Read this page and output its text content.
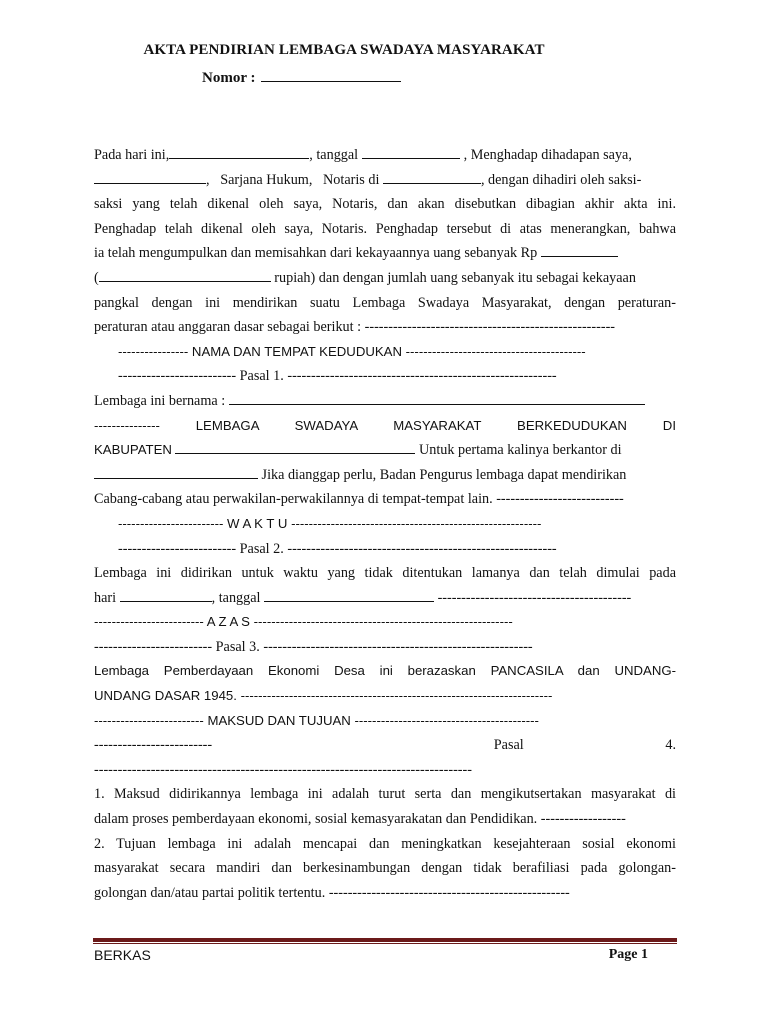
AKTA PENDIRIAN LEMBAGA SWADAYA MASYARAKAT
Nomor :
Pada hari ini,	, tanggal	, Menghadap dihadapan saya,
, Sarjana Hukum, Notaris di	, dengan dihadiri oleh saksi-
saksi yang telah dikenal oleh saya, Notaris, dan akan disebutkan dibagian akhir akta ini.
Penghadap telah dikenal oleh saya, Notaris. Penghadap tersebut di atas menerangkan, bahwa
ia telah mengumpulkan dan memisahkan dari kekayaannya uang sebanyak Rp
(	rupiah) dan dengan jumlah uang sebanyak itu sebagai kekayaan
pangkal dengan ini mendirikan suatu Lembaga Swadaya Masyarakat, dengan peraturan-
peraturan atau anggaran dasar sebagai berikut : -----------------------------------------------------
---------------- NAMA DAN TEMPAT KEDUDUKAN -----------------------------------------
------------------------- Pasal 1. ---------------------------------------------------------
Lembaga ini bernama :
--------------- LEMBAGA SWADAYA MASYARAKAT BERKEDUDUKAN DI
KABUPATEN	Untuk pertama kalinya berkantor di
Jika dianggap perlu, Badan Pengurus lembaga dapat mendirikan
Cabang-cabang atau perwakilan-perwakilannya di tempat-tempat lain. ---------------------------
------------------------ W A K T U ---------------------------------------------------------
------------------------- Pasal 2. ---------------------------------------------------------
Lembaga ini didirikan untuk waktu yang tidak ditentukan lamanya dan telah dimulai pada
hari	, tanggal	-----------------------------------------
------------------------- A Z A S -----------------------------------------------------------
------------------------- Pasal 3. ---------------------------------------------------------
Lembaga Pemberdayaan Ekonomi Desa ini berazaskan PANCASILA dan UNDANG-
UNDANG DASAR 1945. -----------------------------------------------------------------------
------------------------- MAKSUD DAN TUJUAN ------------------------------------------
-------------------------	Pasal	4.
--------------------------------------------------------------------------------
1. Maksud didirikannya lembaga ini adalah turut serta dan mengikutsertakan masyarakat di
dalam proses pemberdayaan ekonomi, sosial kemasyarakatan dan Pendidikan. ------------------
2. Tujuan lembaga ini adalah mencapai dan meningkatkan kesejahteraan sosial ekonomi
masyarakat secara mandiri dan berkesinambungan dengan tidak berafiliasi pada golongan-
golongan dan/atau partai politik tertentu. ---------------------------------------------------
BERKAS	Page 1
